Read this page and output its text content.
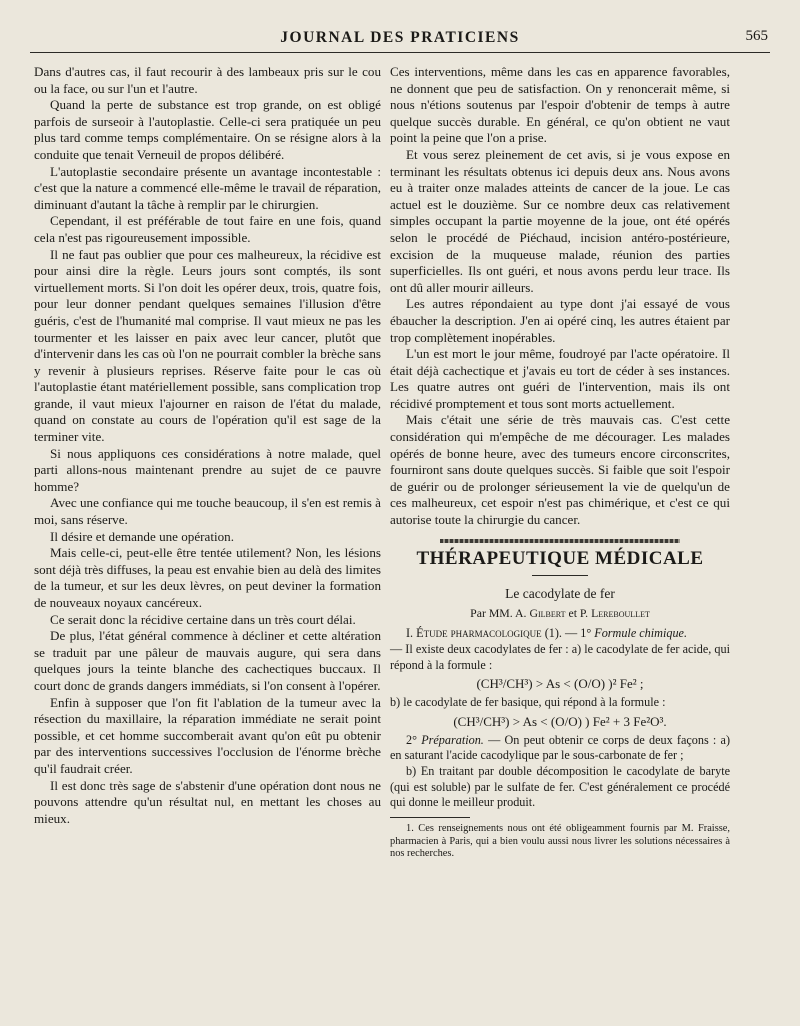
JOURNAL DES PRATICIENS	565

Dans d'autres cas, il faut recourir à des lambeaux pris sur le cou ou la face, ou sur l'un et l'autre.

Quand la perte de substance est trop grande, on est obligé parfois de surseoir à l'autoplastie. Celle-ci sera pratiquée un peu plus tard comme temps complémentaire. On se résigne alors à la conduite que tenait Verneuil de propos délibéré.

L'autoplastie secondaire présente un avantage incontestable : c'est que la nature a commencé elle-même le travail de réparation, diminuant d'autant la tâche à remplir par le chirurgien.

Cependant, il est préférable de tout faire en une fois, quand cela n'est pas rigoureusement impossible.

Il ne faut pas oublier que pour ces malheureux, la récidive est pour ainsi dire la règle. Leurs jours sont comptés, ils sont virtuellement morts. Si l'on doit les opérer deux, trois, quatre fois, pour leur donner pendant quelques semaines l'illusion d'être guéris, c'est de l'humanité mal comprise. Il vaut mieux ne pas les tourmenter et les laisser en paix avec leur cancer, plutôt que d'intervenir dans les cas où l'on ne pourrait combler la brèche sans y revenir à plusieurs reprises. Réserve faite pour le cas où l'autoplastie étant matériellement possible, sans complication trop grande, il vaut mieux l'ajourner en raison de l'état du malade, quand on constate au cours de l'opération qu'il est sage de la terminer vite.

Si nous appliquons ces considérations à notre malade, quel parti allons-nous maintenant prendre au sujet de ce pauvre homme?

Avec une confiance qui me touche beaucoup, il s'en est remis à moi, sans réserve.

Il désire et demande une opération.

Mais celle-ci, peut-elle être tentée utilement? Non, les lésions sont déjà très diffuses, la peau est envahie bien au delà des limites de la tumeur, et sur les deux lèvres, on peut deviner la formation de nouveaux noyaux cancéreux.

Ce serait donc la récidive certaine dans un très court délai.

De plus, l'état général commence à décliner et cette altération se traduit par une pâleur de mauvais augure, qui sera dans quelques jours la teinte blanche des cachectiques buccaux. Il court donc de grands dangers immédiats, si l'on consent à l'opérer.

Enfin à supposer que l'on fit l'ablation de la tumeur avec la résection du maxillaire, la réparation immédiate ne serait point possible, et cet homme succomberait avant qu'on eût pu obtenir par des interventions successives l'occlusion de l'énorme brèche qu'il faudrait créer.

Il est donc très sage de s'abstenir d'une opération dont nous ne pouvons attendre qu'un résultat nul, en mettant les choses au mieux.

Ces interventions, même dans les cas en apparence favorables, ne donnent que peu de satisfaction. On y renoncerait même, si nous n'étions soutenus par l'espoir d'obtenir de temps à autre quelque succès durable. En général, ce qu'on obtient ne vaut point la peine que l'on a prise.

Et vous serez pleinement de cet avis, si je vous expose en terminant les résultats obtenus ici depuis deux ans. Nous avons eu à traiter onze malades atteints de cancer de la joue. Le cas actuel est le douzième. Sur ce nombre deux cas relativement simples occupant la partie moyenne de la joue, ont été opérés selon le procédé de Piéchaud, incision antéro-postérieure, excision de la muqueuse malade, réunion des parties superficielles. Ils ont guéri, et nous avons perdu leur trace. Ils ont dû aller mourir ailleurs.

Les autres répondaient au type dont j'ai essayé de vous ébaucher la description. J'en ai opéré cinq, les autres étaient par trop complètement inopérables.

L'un est mort le jour même, foudroyé par l'acte opératoire. Il était déjà cachectique et j'avais eu tort de céder à ses instances. Les quatre autres ont guéri de l'intervention, mais ils ont récidivé promptement et tous sont morts actuellement.

Mais c'était une série de très mauvais cas. C'est cette considération qui m'empêche de me décourager. Les malades opérés de bonne heure, avec des tumeurs encore circonscrites, fourniront sans doute quelques succès. Si faible que soit l'espoir de guérir ou de prolonger sérieusement la vie de quelqu'un de ces malheureux, cet espoir n'est pas chimérique, et c'est ce qui autorise toute la chirurgie du cancer.

THÉRAPEUTIQUE MÉDICALE
Le cacodylate de fer
Par MM. A. Gilbert et P. Lereboullet

I. Étude pharmacologique (1). — 1° Formule chimique.

— Il existe deux cacodylates de fer : a) le cacodylate de fer acide, qui répond à la formule :

(CH³/CH³) > As < (O/O) )² Fe² ;

b) le cacodylate de fer basique, qui répond à la formule :

(CH³/CH³) > As < (O/O) ) Fe² + 3 Fe²O³.

2° Préparation. — On peut obtenir ce corps de deux façons : a) en saturant l'acide cacodylique par le sous-carbonate de fer ;

b) En traitant par double décomposition le cacodylate de baryte (qui est soluble) par le sulfate de fer. C'est généralement ce procédé qui donne le meilleur produit.

1. Ces renseignements nous ont été obligeamment fournis par M. Fraisse, pharmacien à Paris, qui a bien voulu aussi nous livrer les solutions nécessaires à nos recherches.
